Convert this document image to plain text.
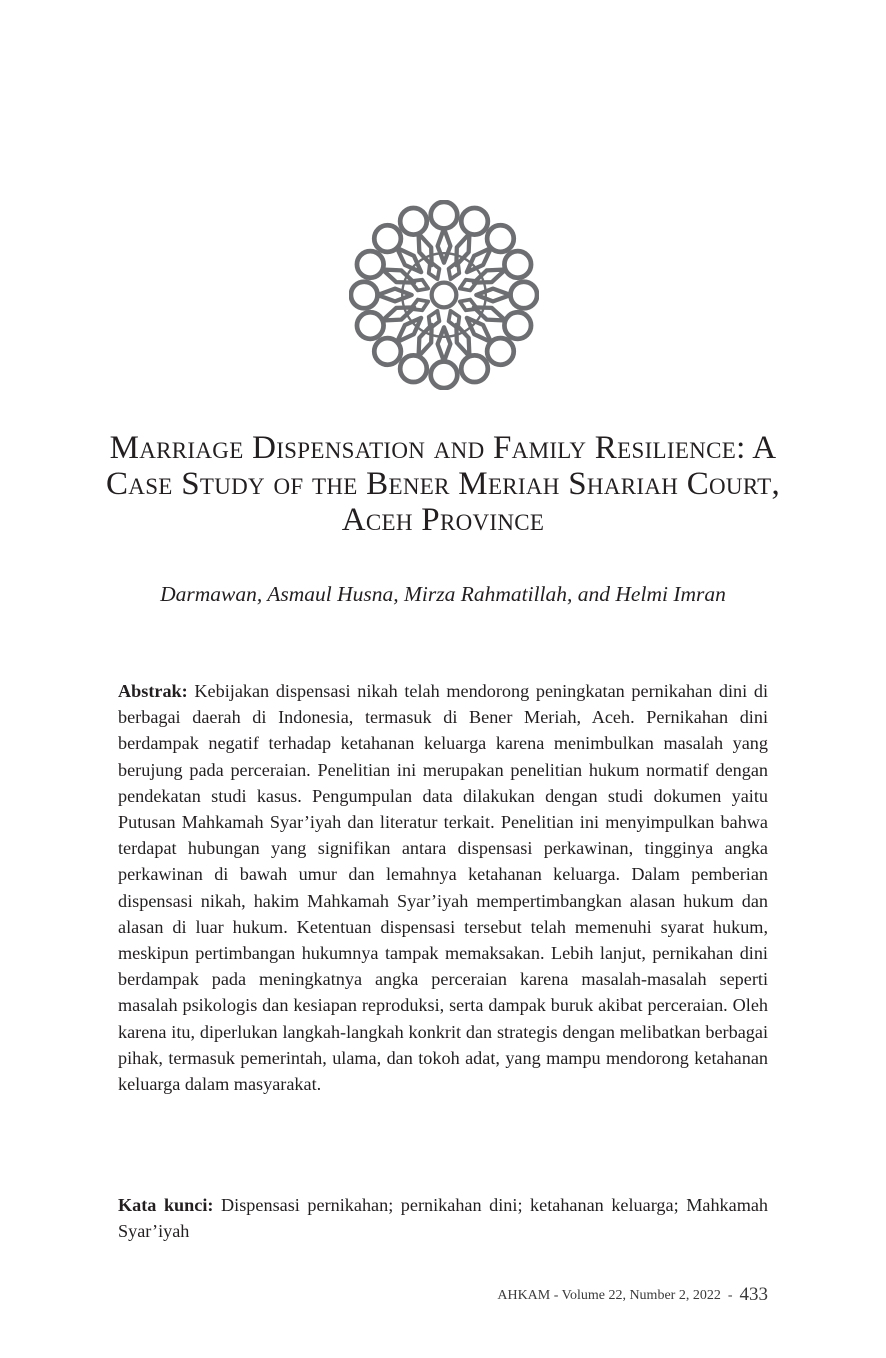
Marriage Dispensation and Family Resilience: A Case Study of the Bener Meriah Shariah Court, Aceh Province

Darmawan, Asmaul Husna, Mirza Rahmatillah, and Helmi Imran

Abstrak: Kebijakan dispensasi nikah telah mendorong peningkatan pernikahan dini di berbagai daerah di Indonesia, termasuk di Bener Meriah, Aceh. Pernikahan dini berdampak negatif terhadap ketahanan keluarga karena menimbulkan masalah yang berujung pada perceraian. Penelitian ini merupakan penelitian hukum normatif dengan pendekatan studi kasus. Pengumpulan data dilakukan dengan studi dokumen yaitu Putusan Mahkamah Syar’iyah dan literatur terkait. Penelitian ini menyimpulkan bahwa terdapat hubungan yang signifikan antara dispensasi perkawinan, tingginya angka perkawinan di bawah umur dan lemahnya ketahanan keluarga. Dalam pemberian dispensasi nikah, hakim Mahkamah Syar’iyah mempertimbangkan alasan hukum dan alasan di luar hukum. Ketentuan dispensasi tersebut telah memenuhi syarat hukum, meskipun pertimbangan hukumnya tampak memaksakan. Lebih lanjut, pernikahan dini berdampak pada meningkatnya angka perceraian karena masalah-masalah seperti masalah psikologis dan kesiapan reproduksi, serta dampak buruk akibat perceraian. Oleh karena itu, diperlukan langkah-langkah konkrit dan strategis dengan melibatkan berbagai pihak, termasuk pemerintah, ulama, dan tokoh adat, yang mampu mendorong ketahanan keluarga dalam masyarakat.

Kata kunci: Dispensasi pernikahan; pernikahan dini; ketahanan keluarga; Mahkamah Syar’iyah

AHKAM - Volume 22, Number 2, 2022 - 433
